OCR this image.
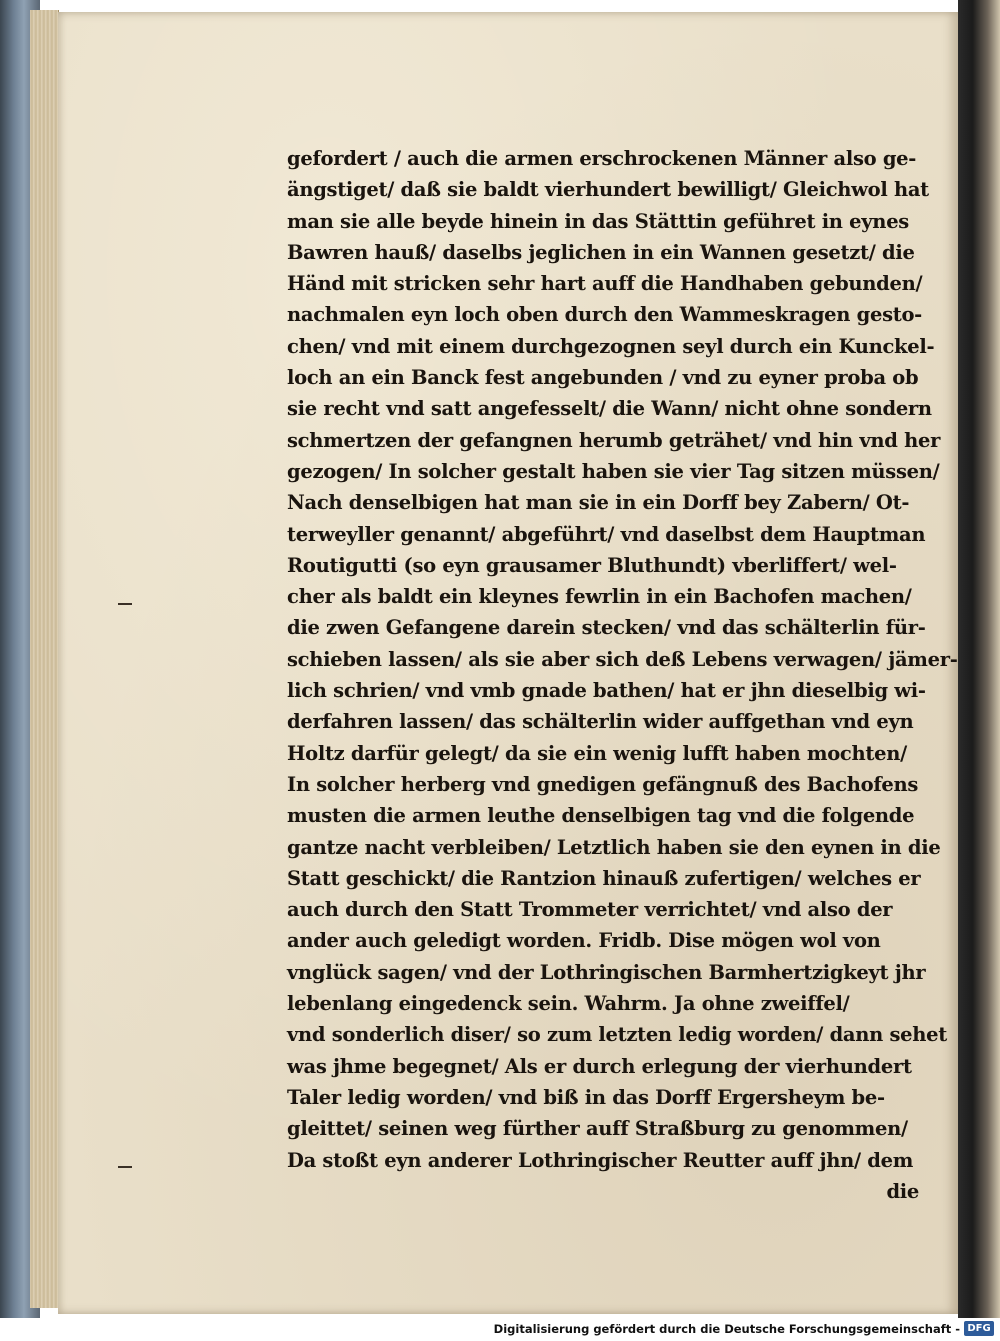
gefordert / auch die armen erschrockenen Männer also ge-
ängstiget/ daß sie baldt vierhundert bewilligt/ Gleichwol hat
man sie alle beyde hinein in das Stätttin geführet in eynes
Bawren hauß/ daselbs jeglichen in ein Wannen gesetzt/ die
Händ mit stricken sehr hart auff die Handhaben gebunden/
nachmalen eyn loch oben durch den Wammeskragen gesto-
chen/ vnd mit einem durchgezognen seyl durch ein Kunckel-
loch an ein Banck fest angebunden / vnd zu eyner proba ob
sie recht vnd satt angefesselt/ die Wann/ nicht ohne sondern
schmertzen der gefangnen herumb geträhet/ vnd hin vnd her
gezogen/ In solcher gestalt haben sie vier Tag sitzen müssen/
Nach denselbigen hat man sie in ein Dorff bey Zabern/ Ot-
terweyller genannt/ abgeführt/ vnd daselbst dem Hauptman
Routigutti (so eyn grausamer Bluthundt) vberliffert/ wel-
cher als baldt ein kleynes fewrlin in ein Bachofen machen/
die zwen Gefangene darein stecken/ vnd das schälterlin für-
schieben lassen/ als sie aber sich deß Lebens verwagen/ jämer-
lich schrien/ vnd vmb gnade bathen/ hat er jhn dieselbig wi-
derfahren lassen/ das schälterlin wider auffgethan vnd eyn
Holtz darfür gelegt/ da sie ein wenig lufft haben mochten/
In solcher herberg vnd gnedigen gefängnuß des Bachofens
musten die armen leuthe denselbigen tag vnd die folgende
gantze nacht verbleiben/ Letztlich haben sie den eynen in die
Statt geschickt/ die Rantzion hinauß zufertigen/ welches er
auch durch den Statt Trommeter verrichtet/ vnd also der
ander auch geledigt worden. Fridb. Dise mögen wol von
vnglück sagen/ vnd der Lothringischen Barmhertzigkeyt jhr
lebenlang eingedenck sein. Wahrm. Ja ohne zweiffel/
vnd sonderlich diser/ so zum letzten ledig worden/ dann sehet
was jhme begegnet/ Als er durch erlegung der vierhundert
Taler ledig worden/ vnd biß in das Dorff Ergersheym be-
gleittet/ seinen weg fürther auff Straßburg zu genommen/
Da stoßt eyn anderer Lothringischer Reutter auff jhn/ dem
die
Digitalisierung gefördert durch die Deutsche Forschungsgemeinschaft - DFG
